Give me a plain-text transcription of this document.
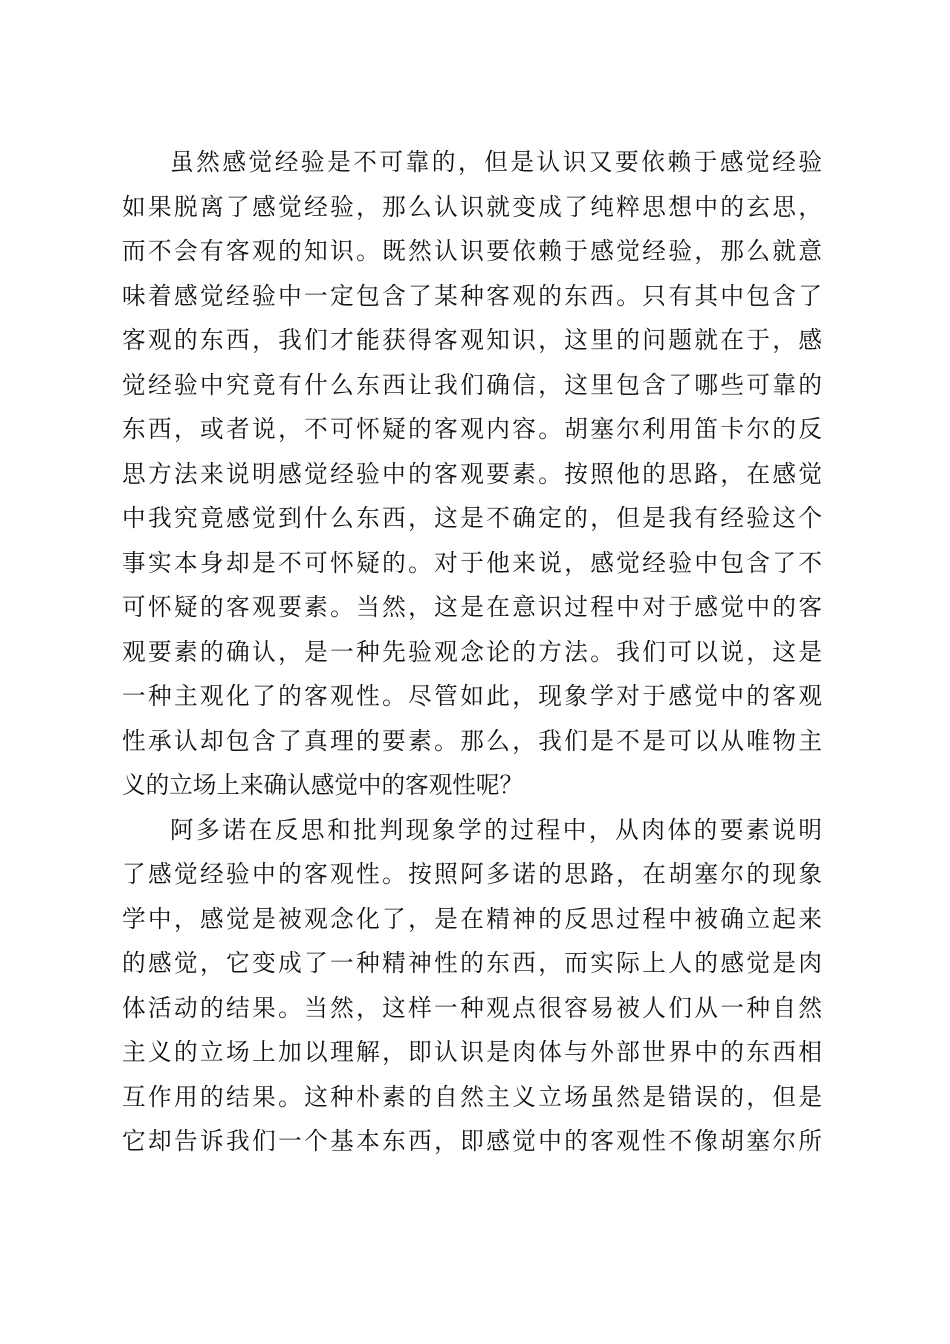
虽然感觉经验是不可靠的，但是认识又要依赖于感觉经验
如果脱离了感觉经验，那么认识就变成了纯粹思想中的玄思，
而不会有客观的知识。既然认识要依赖于感觉经验，那么就意
味着感觉经验中一定包含了某种客观的东西。只有其中包含了
客观的东西，我们才能获得客观知识，这里的问题就在于，感
觉经验中究竟有什么东西让我们确信，这里包含了哪些可靠的
东西，或者说，不可怀疑的客观内容。胡塞尔利用笛卡尔的反
思方法来说明感觉经验中的客观要素。按照他的思路，在感觉
中我究竟感觉到什么东西，这是不确定的，但是我有经验这个
事实本身却是不可怀疑的。对于他来说，感觉经验中包含了不
可怀疑的客观要素。当然，这是在意识过程中对于感觉中的客
观要素的确认，是一种先验观念论的方法。我们可以说，这是
一种主观化了的客观性。尽管如此，现象学对于感觉中的客观
性承认却包含了真理的要素。那么，我们是不是可以从唯物主
义的立场上来确认感觉中的客观性呢？
阿多诺在反思和批判现象学的过程中，从肉体的要素说明
了感觉经验中的客观性。按照阿多诺的思路，在胡塞尔的现象
学中，感觉是被观念化了，是在精神的反思过程中被确立起来
的感觉，它变成了一种精神性的东西，而实际上人的感觉是肉
体活动的结果。当然，这样一种观点很容易被人们从一种自然
主义的立场上加以理解，即认识是肉体与外部世界中的东西相
互作用的结果。这种朴素的自然主义立场虽然是错误的，但是
它却告诉我们一个基本东西，即感觉中的客观性不像胡塞尔所
